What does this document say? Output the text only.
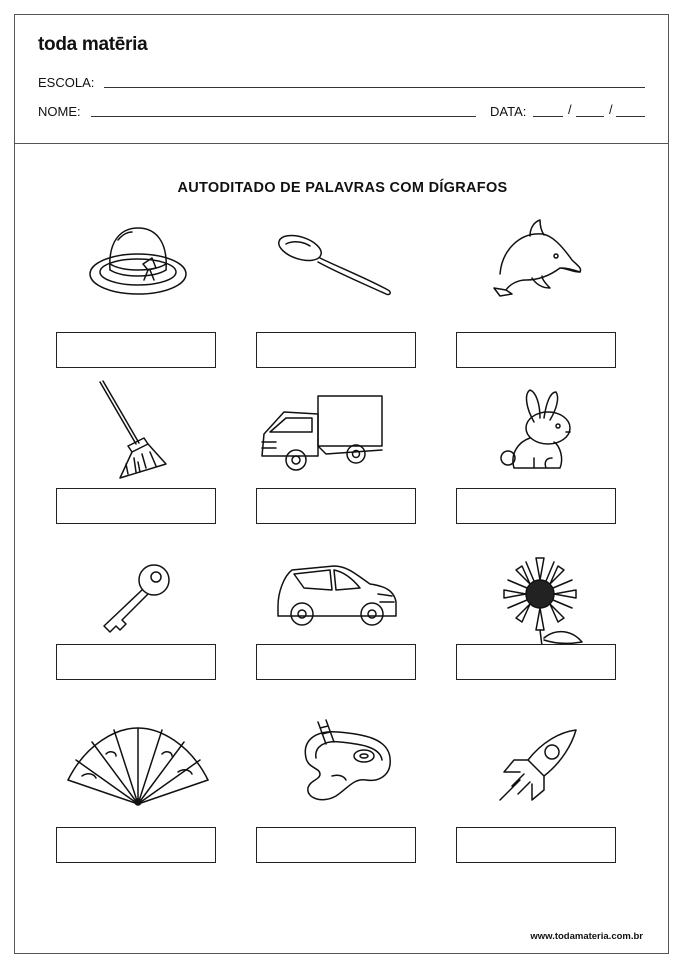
toda matēria
ESCOLA:
NOME:	DATA:	/	/
AUTODITADO DE PALAVRAS COM DÍGRAFOS
www.todamateria.com.br
